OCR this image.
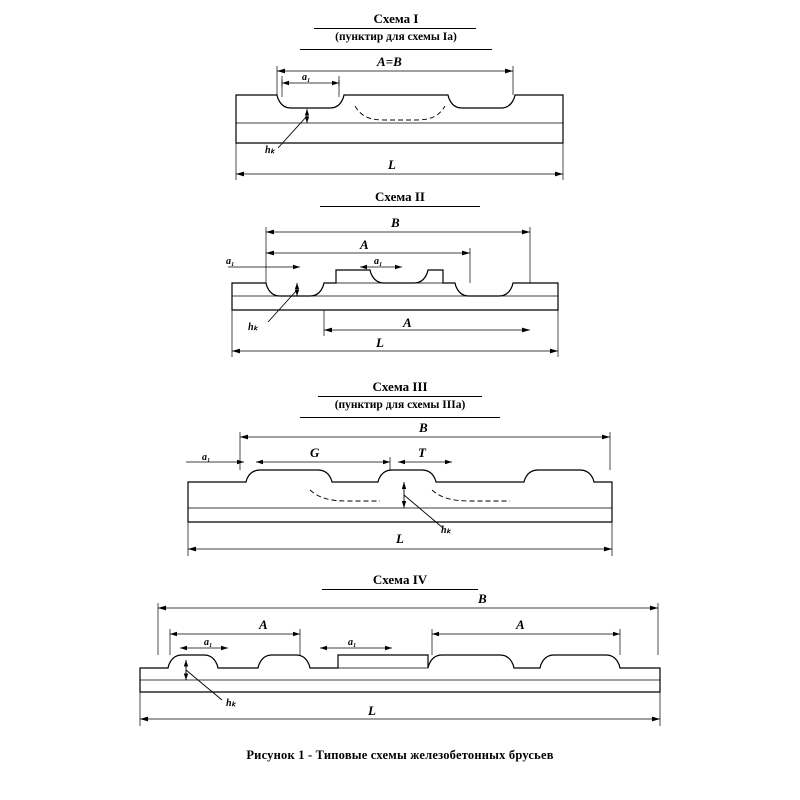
Схема I
(пунктир для схемы Ia)
a₁
A=B
hₖ
L
Схема II
B
A
a₁	a₁
hₖ	A
L
Схема III
(пунктир для схемы IIIa)
B
a₁	G	T
hₖ
L
Схема IV
B
A
a₁	a₁
A
hₖ	L
Рисунок 1 - Типовые схемы железобетонных брусьев
